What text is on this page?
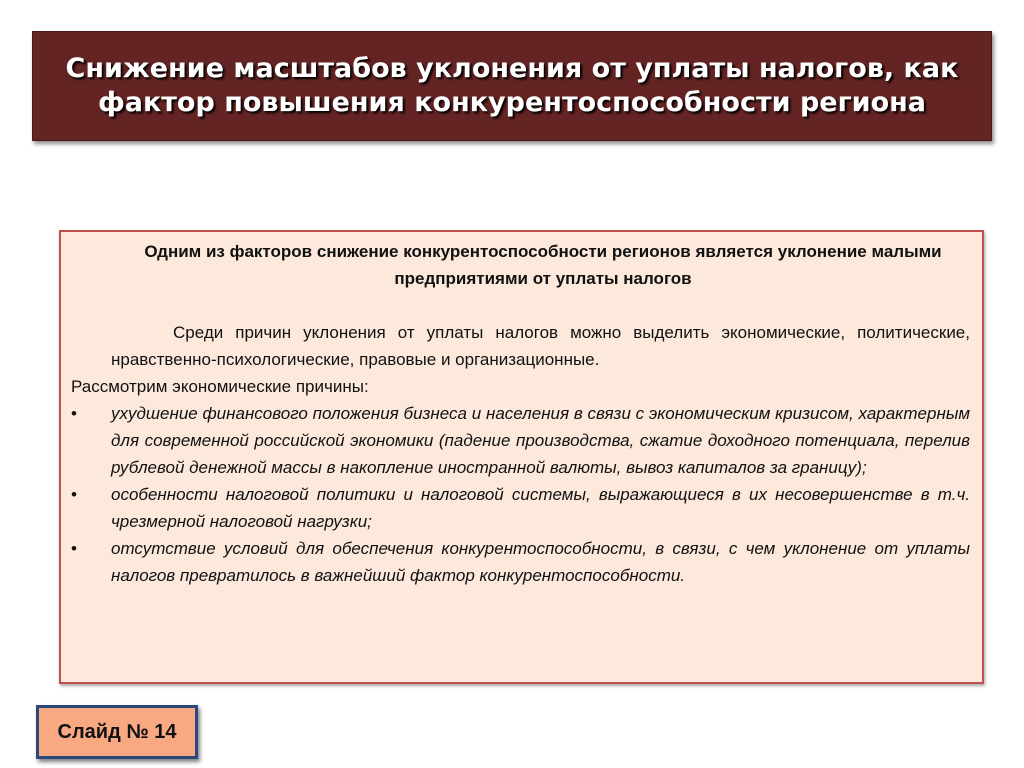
Снижение масштабов уклонения от уплаты налогов, как
фактор повышения конкурентоспособности региона

Одним из факторов снижение конкурентоспособности регионов является уклонение малыми предприятиями от уплаты налогов

Среди причин уклонения от уплаты налогов можно выделить экономические, политические, нравственно-психологические, правовые и организационные.

Рассмотрим экономические причины:

•	ухудшение финансового положения бизнеса и населения в связи с экономическим кризисом, характерным для современной российской экономики (падение производства, сжатие доходного потенциала, перелив рублевой денежной массы в накопление иностранной валюты, вывоз капиталов за границу);
•	особенности налоговой политики и налоговой системы, выражающиеся в их несовершенстве в т.ч. чрезмерной налоговой нагрузки;
•	отсутствие условий для обеспечения конкурентоспособности, в связи, с чем уклонение от уплаты налогов превратилось в важнейший фактор конкурентоспособности.
Слайд № 14
